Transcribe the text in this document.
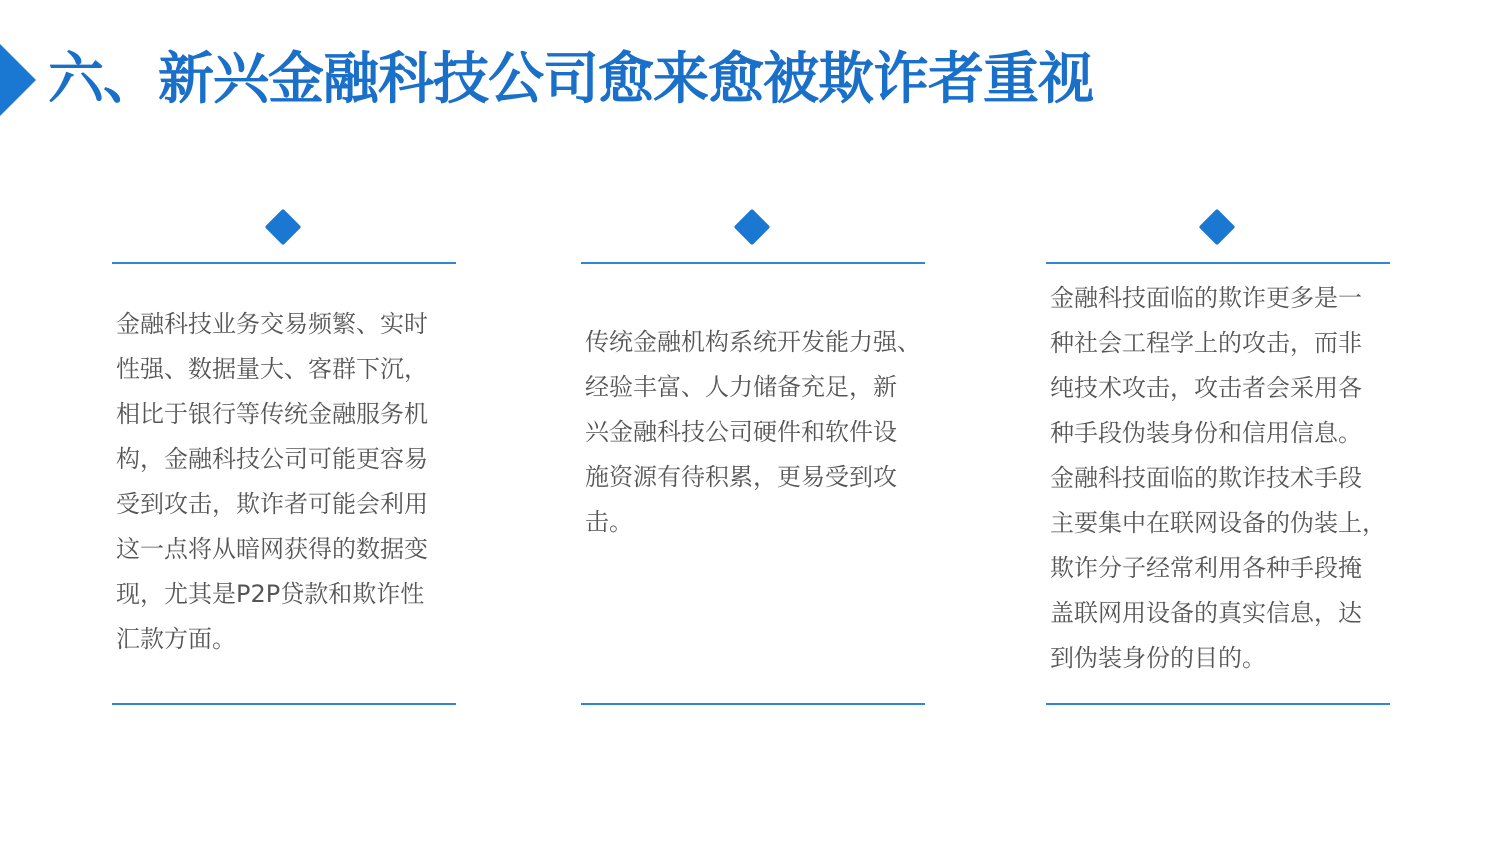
六、新兴金融科技公司愈来愈被欺诈者重视
金融科技业务交易频繁、实时
性强、数据量大、客群下沉，
相比于银行等传统金融服务机
构，金融科技公司可能更容易
受到攻击，欺诈者可能会利用
这一点将从暗网获得的数据变
现，尤其是P2P贷款和欺诈性
汇款方面。
传统金融机构系统开发能力强、
经验丰富、人力储备充足，新
兴金融科技公司硬件和软件设
施资源有待积累，更易受到攻
击。
金融科技面临的欺诈更多是一
种社会工程学上的攻击，而非
纯技术攻击，攻击者会采用各
种手段伪装身份和信用信息。
金融科技面临的欺诈技术手段
主要集中在联网设备的伪装上，
欺诈分子经常利用各种手段掩
盖联网用设备的真实信息，达
到伪装身份的目的。
